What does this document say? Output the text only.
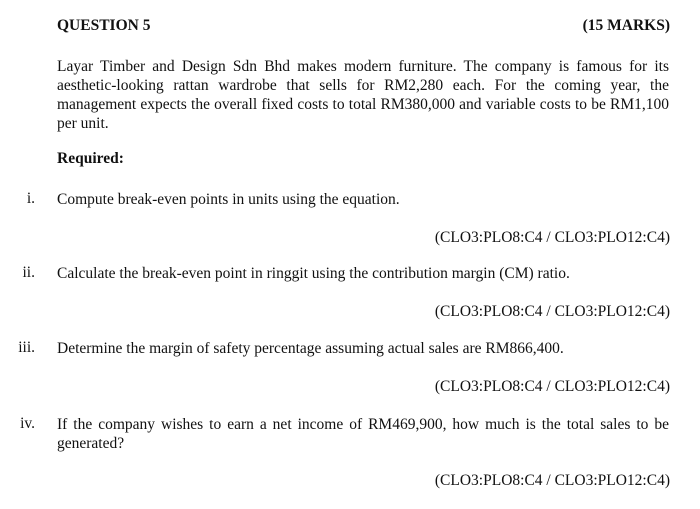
QUESTION 5	(15 MARKS)
Layar Timber and Design Sdn Bhd makes modern furniture. The company is famous for its aesthetic-looking rattan wardrobe that sells for RM2,280 each. For the coming year, the management expects the overall fixed costs to total RM380,000 and variable costs to be RM1,100 per unit.
Required:
i. Compute break-even points in units using the equation.
(CLO3:PLO8:C4 / CLO3:PLO12:C4)
ii. Calculate the break-even point in ringgit using the contribution margin (CM) ratio.
(CLO3:PLO8:C4 / CLO3:PLO12:C4)
iii. Determine the margin of safety percentage assuming actual sales are RM866,400.
(CLO3:PLO8:C4 / CLO3:PLO12:C4)
iv. If the company wishes to earn a net income of RM469,900, how much is the total sales to be generated?
(CLO3:PLO8:C4 / CLO3:PLO12:C4)
